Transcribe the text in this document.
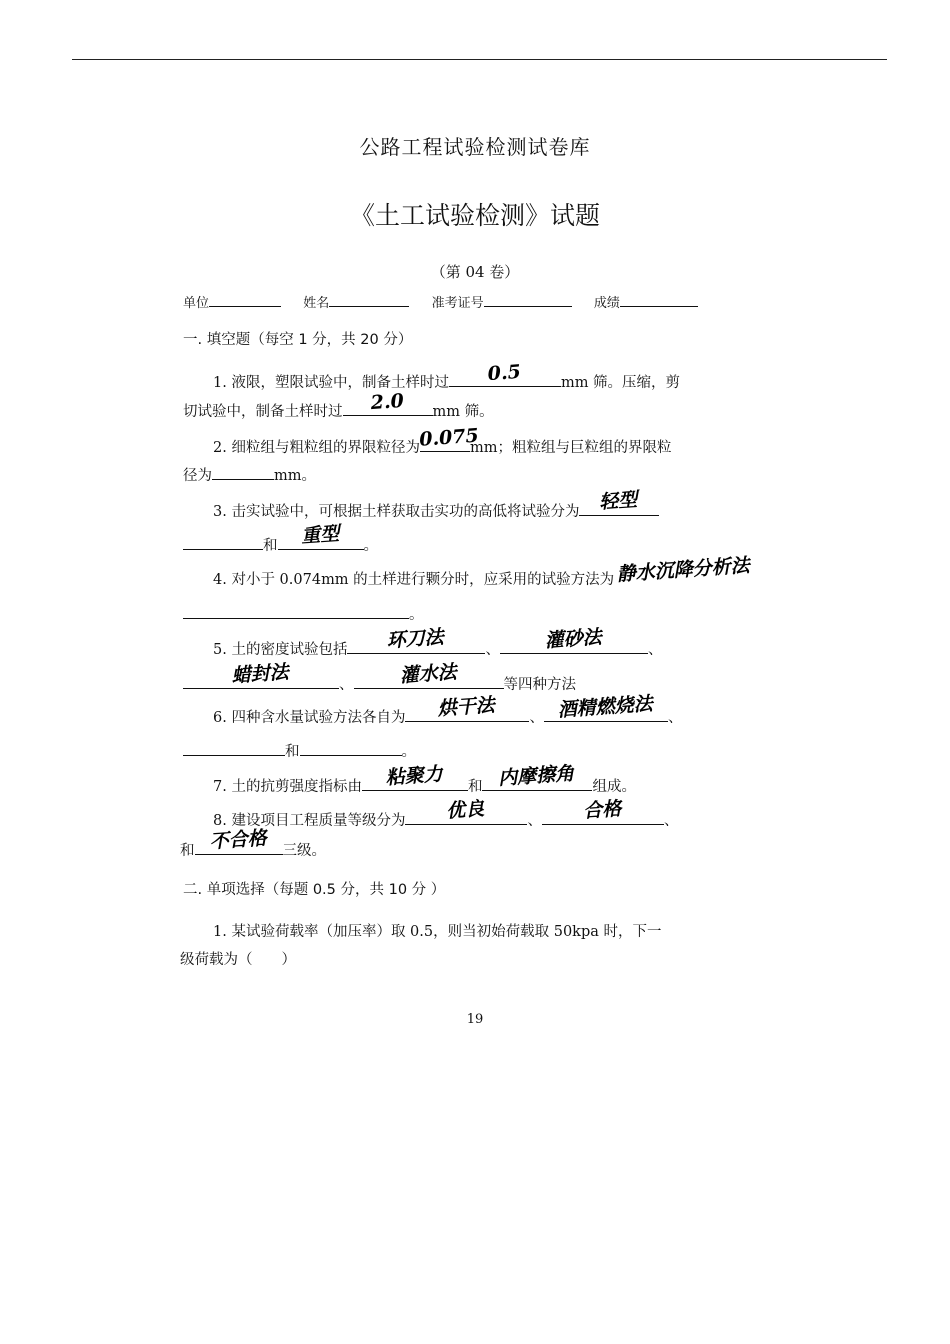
公路工程试验检测试卷库
《土工试验检测》试题
（第 04 卷）
单位	姓名	准考证号	成绩
一. 填空题（每空 1 分，共 20 分）
1. 液限，塑限试验中，制备土样时过	0.5	mm 筛。压缩，剪
切试验中，制备土样时过	2.0	mm 筛。
2. 细粒组与粗粒组的界限粒径为
0.075
mm；粗粒组与巨粒组的界限粒
径为	mm。
3. 击实试验中，可根据土样获取击实功的高低将试验分为	轻型
和	重型	。
4. 对小于 0.074mm 的土样进行颗分时，应采用的试验方法为 静水沉降分析法
。
5. 土的密度试验包括	环刀法	、	灌砂法	、
蜡封法	、	灌水法	等四种方法
6. 四种含水量试验方法各自为	烘干法	、 酒精燃烧法	、
和	。
7. 土的抗剪强度指标由	粘聚力	和 内摩擦角	组成。
8. 建设项目工程质量等级分为	优良	、	合格	、
和 不合格	三级。
二. 单项选择（每题 0.5 分，共 10 分 ）
1. 某试验荷载率（加压率）取 0.5，则当初始荷载取 50kpa 时，下一
级荷载为（　　）
19
